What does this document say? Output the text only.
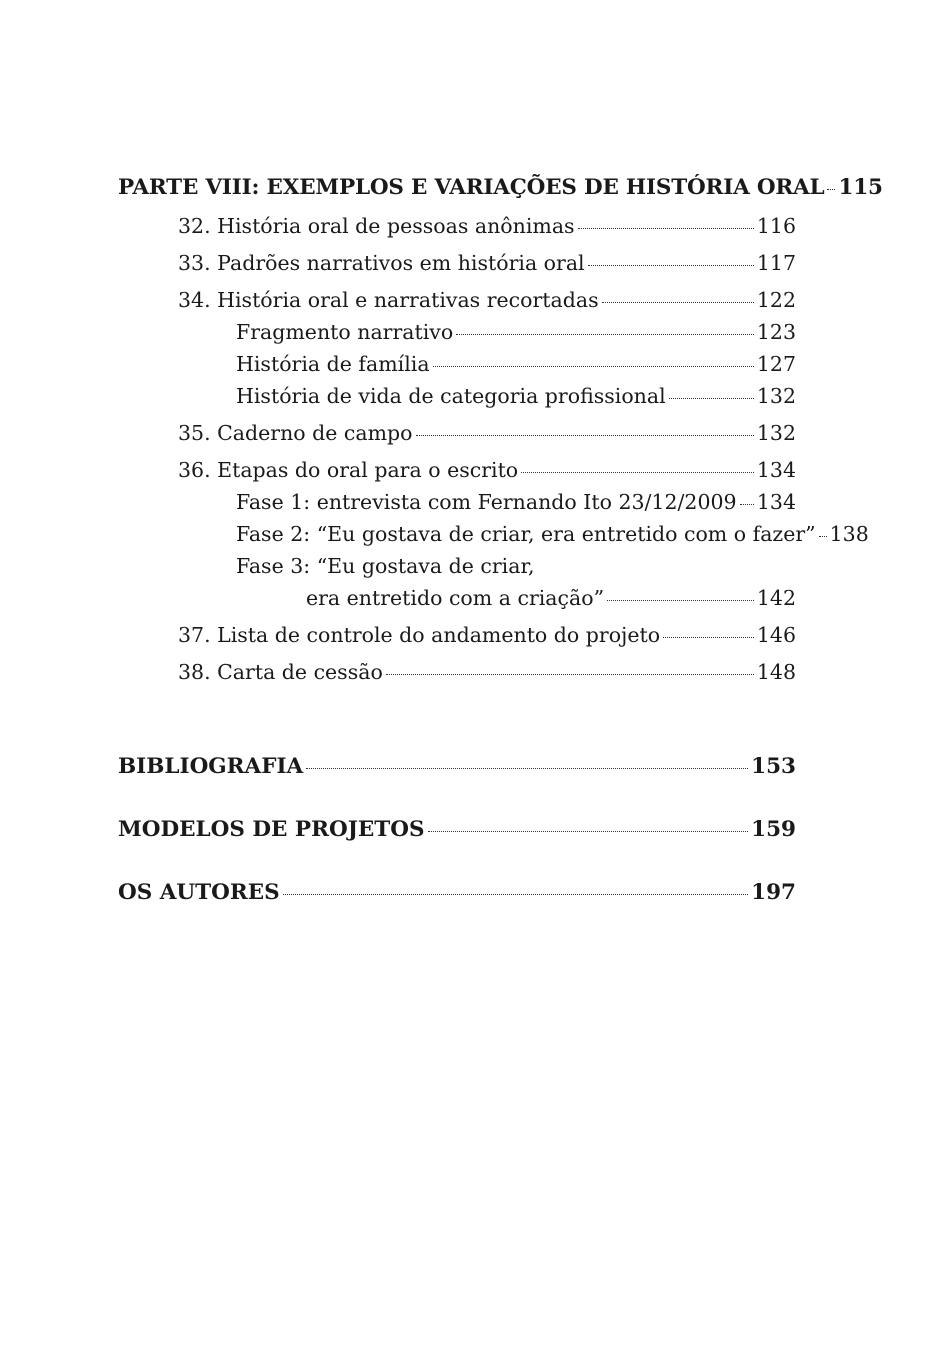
PARTE VIII: EXEMPLOS E VARIAÇÕES DE HISTÓRIA ORAL 115
32. História oral de pessoas anônimas	116
33. Padrões narrativos em história oral	117
34. História oral e narrativas recortadas	122
Fragmento narrativo	123
História de família	127
História de vida de categoria profissional	132
35. Caderno de campo	132
36. Etapas do oral para o escrito	134
Fase 1: entrevista com Fernando Ito 23/12/2009 134
Fase 2: “Eu gostava de criar, era entretido com o fazer” 138
Fase 3: “Eu gostava de criar,
era entretido com a criação”	142
37. Lista de controle do andamento do projeto	146
38. Carta de cessão	148
BIBLIOGRAFIA	153
MODELOS DE PROJETOS	159
OS AUTORES	197
